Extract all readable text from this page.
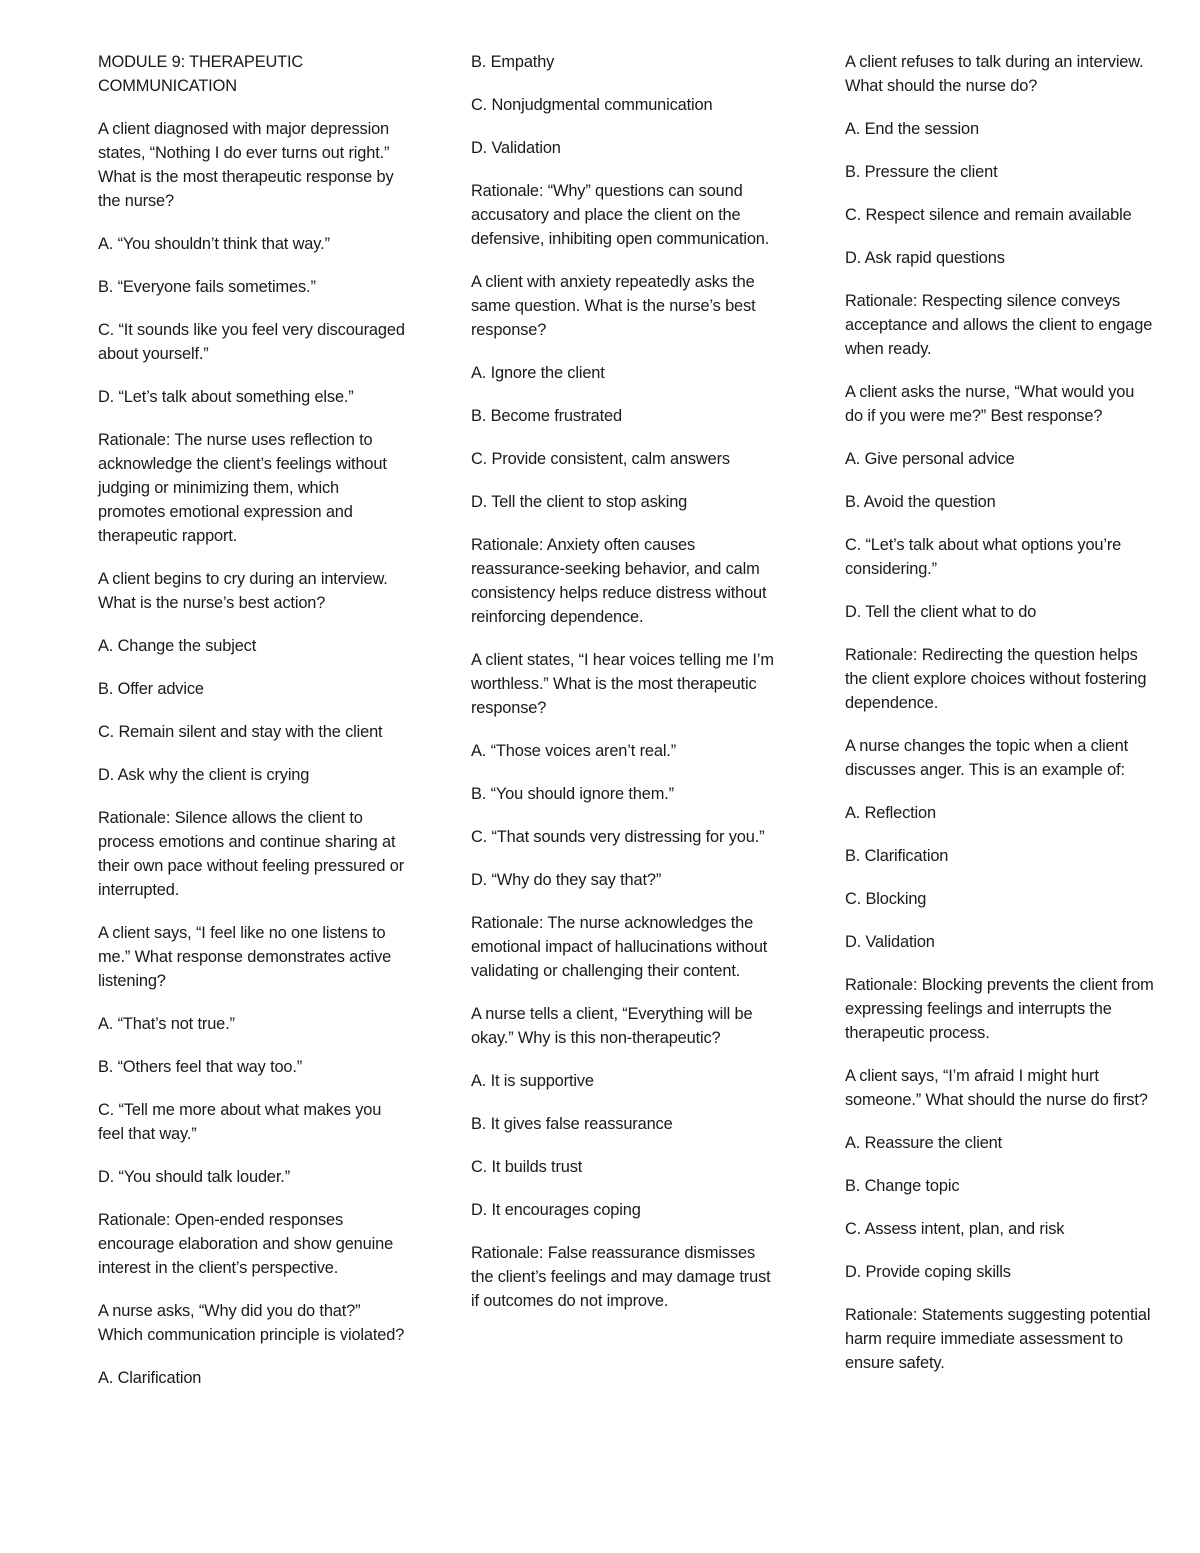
MODULE 9: THERAPEUTIC COMMUNICATION

A client diagnosed with major depression states, “Nothing I do ever turns out right.” What is the most therapeutic response by the nurse?

A. “You shouldn’t think that way.”

B. “Everyone fails sometimes.”

C. “It sounds like you feel very discouraged about yourself.”

D. “Let’s talk about something else.”

Rationale: The nurse uses reflection to acknowledge the client’s feelings without judging or minimizing them, which promotes emotional expression and therapeutic rapport.

A client begins to cry during an interview. What is the nurse’s best action?

A. Change the subject

B. Offer advice

C. Remain silent and stay with the client

D. Ask why the client is crying

Rationale: Silence allows the client to process emotions and continue sharing at their own pace without feeling pressured or interrupted.

A client says, “I feel like no one listens to me.” What response demonstrates active listening?

A. “That’s not true.”

B. “Others feel that way too.”

C. “Tell me more about what makes you feel that way.”

D. “You should talk louder.”

Rationale: Open-ended responses encourage elaboration and show genuine interest in the client’s perspective.

A nurse asks, “Why did you do that?” Which communication principle is violated?

A. Clarification

B. Empathy

C. Nonjudgmental communication

D. Validation

Rationale: “Why” questions can sound accusatory and place the client on the defensive, inhibiting open communication.

A client with anxiety repeatedly asks the same question. What is the nurse’s best response?

A. Ignore the client

B. Become frustrated

C. Provide consistent, calm answers

D. Tell the client to stop asking

Rationale: Anxiety often causes reassurance-seeking behavior, and calm consistency helps reduce distress without reinforcing dependence.

A client states, “I hear voices telling me I’m worthless.” What is the most therapeutic response?

A. “Those voices aren’t real.”

B. “You should ignore them.”

C. “That sounds very distressing for you.”

D. “Why do they say that?”

Rationale: The nurse acknowledges the emotional impact of hallucinations without validating or challenging their content.

A nurse tells a client, “Everything will be okay.” Why is this non-therapeutic?

A. It is supportive

B. It gives false reassurance

C. It builds trust

D. It encourages coping

Rationale: False reassurance dismisses the client’s feelings and may damage trust if outcomes do not improve.

A client refuses to talk during an interview. What should the nurse do?

A. End the session

B. Pressure the client

C. Respect silence and remain available

D. Ask rapid questions

Rationale: Respecting silence conveys acceptance and allows the client to engage when ready.

A client asks the nurse, “What would you do if you were me?” Best response?

A. Give personal advice

B. Avoid the question

C. “Let’s talk about what options you’re considering.”

D. Tell the client what to do

Rationale: Redirecting the question helps the client explore choices without fostering dependence.

A nurse changes the topic when a client discusses anger. This is an example of:

A. Reflection

B. Clarification

C. Blocking

D. Validation

Rationale: Blocking prevents the client from expressing feelings and interrupts the therapeutic process.

A client says, “I’m afraid I might hurt someone.” What should the nurse do first?

A. Reassure the client

B. Change topic

C. Assess intent, plan, and risk

D. Provide coping skills

Rationale: Statements suggesting potential harm require immediate assessment to ensure safety.
